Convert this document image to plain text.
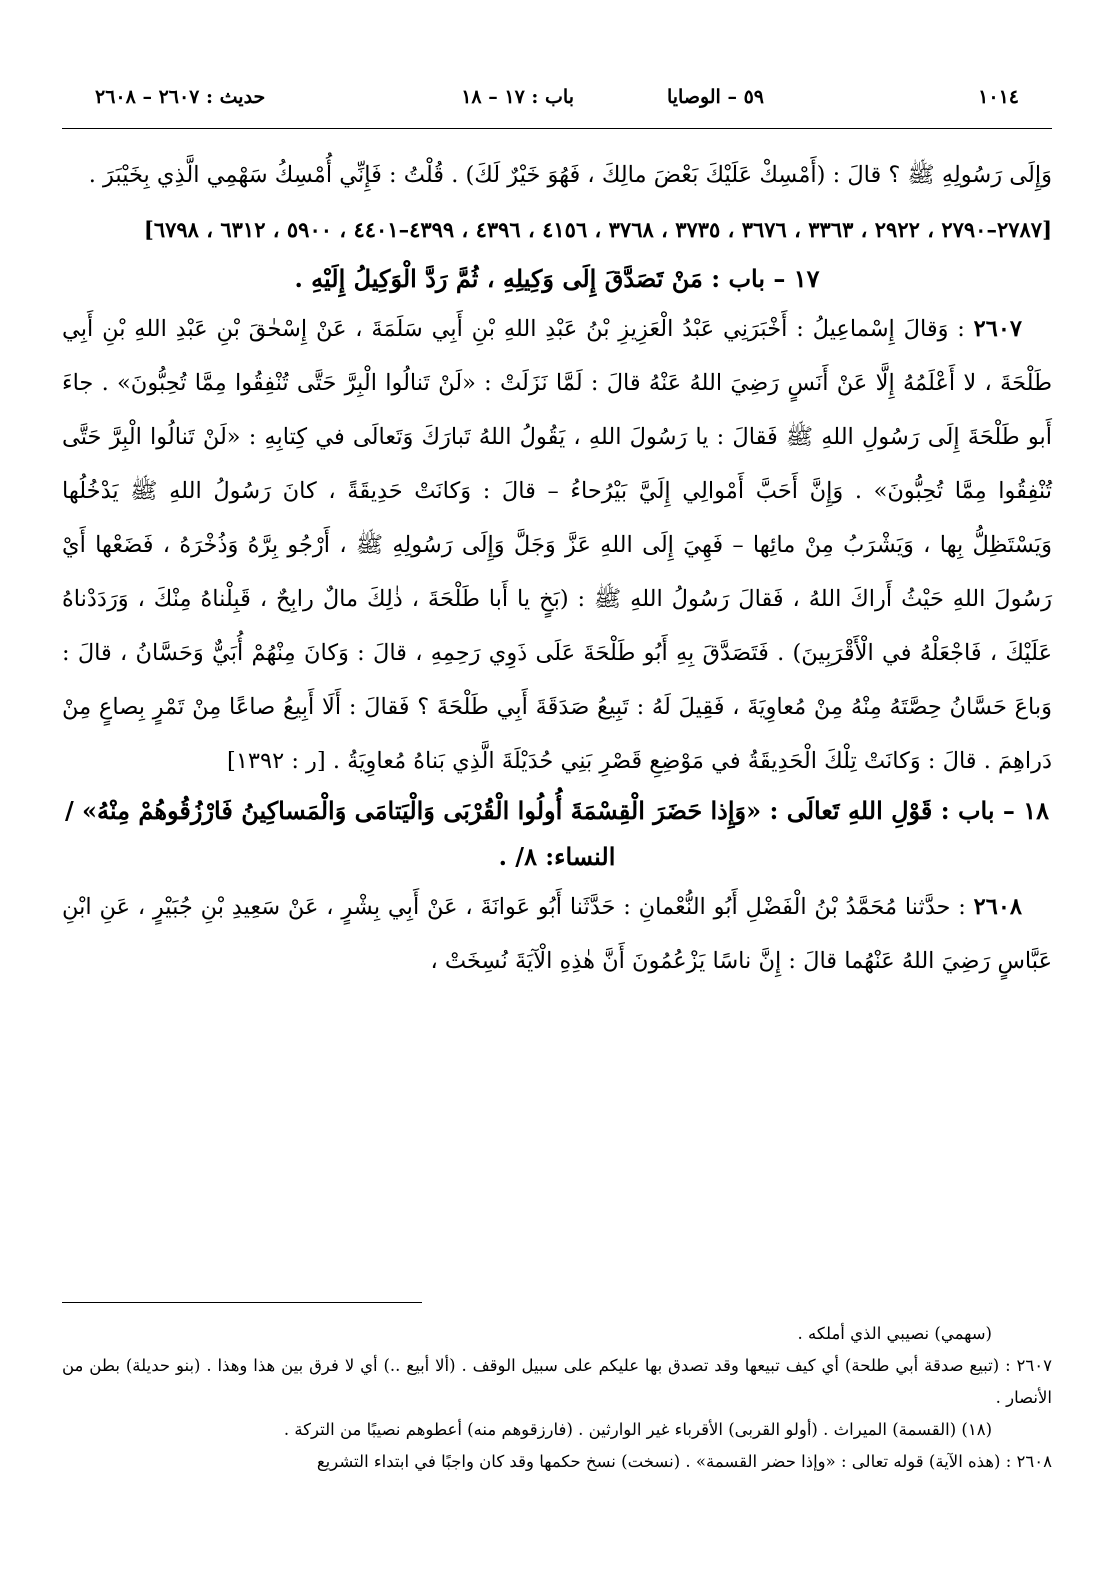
١٠١٤
٥٩ – الوصايا
باب : ١٧ – ١٨
حديث : ٢٦٠٧ – ٢٦٠٨

وَإِلَى رَسُولِهِ ﷺ ؟ قالَ : (أَمْسِكْ عَلَيْكَ بَعْضَ مالِكَ ، فَهُوَ خَيْرٌ لَكَ) . قُلْتُ : فَإِنِّي أُمْسِكُ سَهْمِي الَّذِي بِخَيْبَرَ .

[٢٧٨٧–٢٧٩٠ ، ٢٩٢٢ ، ٣٣٦٣ ، ٣٦٧٦ ، ٣٧٣٥ ، ٣٧٦٨ ، ٤١٥٦ ، ٤٣٩٦ ، ٤٣٩٩–٤٤٠١ ، ٥٩٠٠ ، ٦٣١٢ ، ٦٧٩٨]

١٧ – باب : مَنْ تَصَدَّقَ إِلَى وَكِيلِهِ ، ثُمَّ رَدَّ الْوَكِيلُ إِلَيْهِ .

٢٦٠٧ : وَقالَ إِسْماعِيلُ : أَخْبَرَنِي عَبْدُ الْعَزِيزِ بْنُ عَبْدِ اللهِ بْنِ أَبِي سَلَمَةَ ، عَنْ إِسْحٰقَ بْنِ عَبْدِ اللهِ بْنِ أَبِي طَلْحَةَ ، لا أَعْلَمُهُ إِلَّا عَنْ أَنَسٍ رَضِيَ اللهُ عَنْهُ قالَ : لَمَّا نَزَلَتْ : «لَنْ تَنالُوا الْبِرَّ حَتَّى تُنْفِقُوا مِمَّا تُحِبُّونَ» . جاءَ أَبو طَلْحَةَ إِلَى رَسُولِ اللهِ ﷺ فَقالَ : يا رَسُولَ اللهِ ، يَقُولُ اللهُ تَبارَكَ وَتَعالَى في كِتابِهِ : «لَنْ تَنالُوا الْبِرَّ حَتَّى تُنْفِقُوا مِمَّا تُحِبُّونَ» . وَإِنَّ أَحَبَّ أَمْوالِي إِلَيَّ بَيْرُحاءُ – قالَ : وَكانَتْ حَدِيقَةً ، كانَ رَسُولُ اللهِ ﷺ يَدْخُلُها وَيَسْتَظِلُّ بِها ، وَيَشْرَبُ مِنْ مائِها – فَهِيَ إِلَى اللهِ عَزَّ وَجَلَّ وَإِلَى رَسُولِهِ ﷺ ، أَرْجُو بِرَّهُ وَذُخْرَهُ ، فَضَعْها أَيْ رَسُولَ اللهِ حَيْثُ أَراكَ اللهُ ، فَقالَ رَسُولُ اللهِ ﷺ : (بَخٍ يا أَبا طَلْحَةَ ، ذٰلِكَ مالٌ رابِحٌ ، قَبِلْناهُ مِنْكَ ، وَرَدَدْناهُ عَلَيْكَ ، فَاجْعَلْهُ في الْأَقْرَبِينَ) . فَتَصَدَّقَ بِهِ أَبُو طَلْحَةَ عَلَى ذَوِي رَحِمِهِ ، قالَ : وَكانَ مِنْهُمْ أُبَيٌّ وَحَسَّانُ ، قالَ : وَباعَ حَسَّانُ حِصَّتَهُ مِنْهُ مِنْ مُعاوِيَةَ ، فَقِيلَ لَهُ : تَبِيعُ صَدَقَةَ أَبِي طَلْحَةَ ؟ فَقالَ : أَلَا أَبِيعُ صاعًا مِنْ تَمْرٍ بِصاعٍ مِنْ دَراهِمَ . قالَ : وَكانَتْ تِلْكَ الْحَدِيقَةُ في مَوْضِعِ قَصْرِ بَنِي حُدَيْلَةَ الَّذِي بَناهُ مُعاوِيَةُ . [ر : ١٣٩٢]

١٨ – باب : قَوْلِ اللهِ تَعالَى : «وَإِذا حَضَرَ الْقِسْمَةَ أُولُوا الْقُرْبَى وَالْيَتامَى وَالْمَساكِينُ فَارْزُقُوهُمْ مِنْهُ» /النساء: ٨/ .

٢٦٠٨ : حدَّثنا مُحَمَّدُ بْنُ الْفَضْلِ أَبُو النُّعْمانِ : حَدَّثَنا أَبُو عَوانَةَ ، عَنْ أَبِي بِشْرٍ ، عَنْ سَعِيدِ بْنِ جُبَيْرٍ ، عَنِ ابْنِ عَبَّاسٍ رَضِيَ اللهُ عَنْهُما قالَ : إِنَّ ناسًا يَزْعُمُونَ أَنَّ هٰذِهِ الْآيَةَ نُسِخَتْ ،

(سهمي) نصيبي الذي أملكه .

٢٦٠٧ : (تبيع صدقة أبي طلحة) أي كيف تبيعها وقد تصدق بها عليكم على سبيل الوقف . (ألا أبيع ..) أي لا فرق بين هذا وهذا . (بنو حديلة) بطن من الأنصار .

(١٨) (القسمة) الميراث . (أولو القربى) الأقرباء غير الوارثين . (فارزقوهم منه) أعطوهم نصيبًا من التركة .

٢٦٠٨ : (هذه الآية) قوله تعالى : «وإذا حضر القسمة» . (نسخت) نسخ حكمها وقد كان واجبًا في ابتداء التشريع
